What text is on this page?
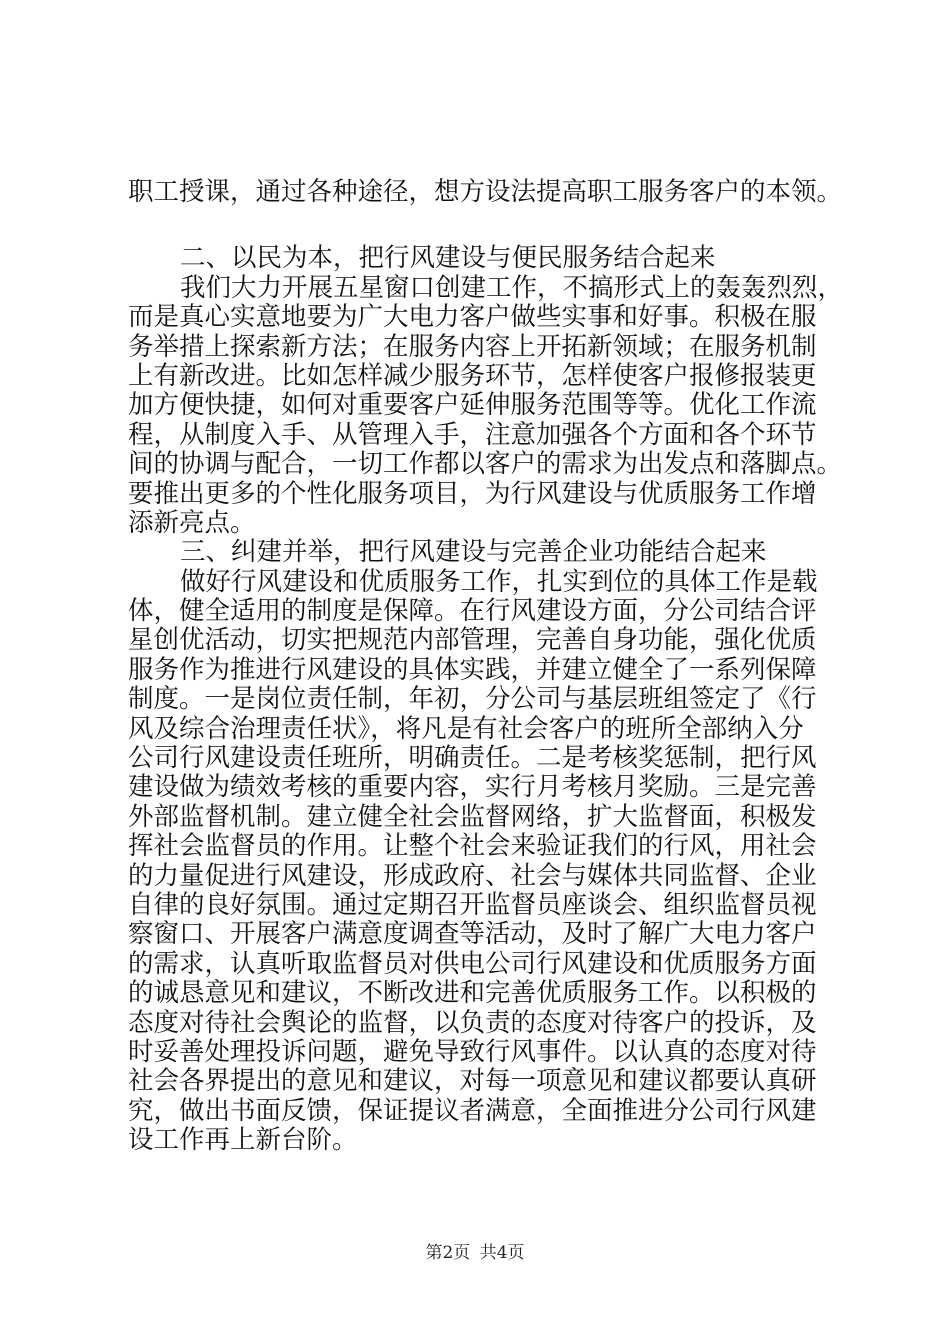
职工授课，通过各种途径，想方设法提高职工服务客户的本领。
二、以民为本，把行风建设与便民服务结合起来
我们大力开展五星窗口创建工作，不搞形式上的轰轰烈烈，
而是真心实意地要为广大电力客户做些实事和好事。积极在服
务举措上探索新方法；在服务内容上开拓新领域；在服务机制
上有新改进。比如怎样减少服务环节，怎样使客户报修报装更
加方便快捷，如何对重要客户延伸服务范围等等。优化工作流
程，从制度入手、从管理入手，注意加强各个方面和各个环节
间的协调与配合，一切工作都以客户的需求为出发点和落脚点。
要推出更多的个性化服务项目，为行风建设与优质服务工作增
添新亮点。
三、纠建并举，把行风建设与完善企业功能结合起来
做好行风建设和优质服务工作，扎实到位的具体工作是载
体，健全适用的制度是保障。在行风建设方面，分公司结合评
星创优活动，切实把规范内部管理，完善自身功能，强化优质
服务作为推进行风建设的具体实践，并建立健全了一系列保障
制度。一是岗位责任制，年初，分公司与基层班组签定了《行
风及综合治理责任状》，将凡是有社会客户的班所全部纳入分
公司行风建设责任班所，明确责任。二是考核奖惩制，把行风
建设做为绩效考核的重要内容，实行月考核月奖励。三是完善
外部监督机制。建立健全社会监督网络，扩大监督面，积极发
挥社会监督员的作用。让整个社会来验证我们的行风，用社会
的力量促进行风建设，形成政府、社会与媒体共同监督、企业
自律的良好氛围。通过定期召开监督员座谈会、组织监督员视
察窗口、开展客户满意度调查等活动，及时了解广大电力客户
的需求，认真听取监督员对供电公司行风建设和优质服务方面
的诚恳意见和建议，不断改进和完善优质服务工作。以积极的
态度对待社会舆论的监督，以负责的态度对待客户的投诉，及
时妥善处理投诉问题，避免导致行风事件。以认真的态度对待
社会各界提出的意见和建议，对每一项意见和建议都要认真研
究，做出书面反馈，保证提议者满意，全面推进分公司行风建
设工作再上新台阶。
第2页 共4页
